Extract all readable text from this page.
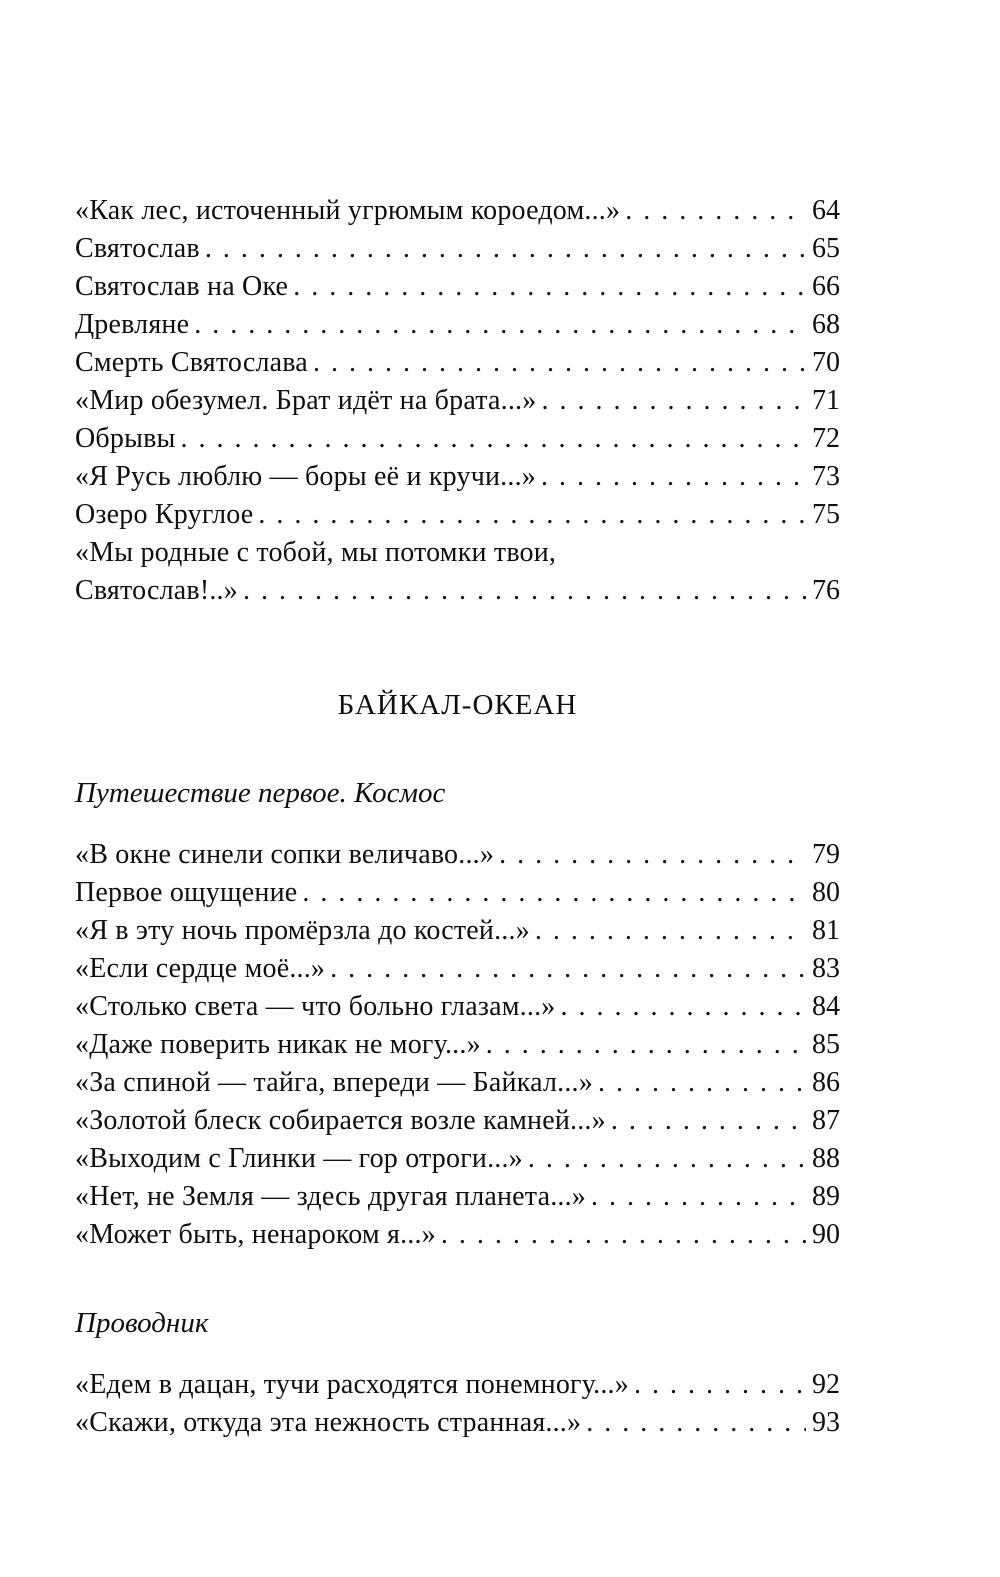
«Как лес, источенный угрюмым короедом...» . . .	64
Святослав . . .	65
Святослав на Оке . . .	66
Древляне . . .	68
Смерть Святослава . . .	70
«Мир обезумел. Брат идёт на брата...» . . .	71
Обрывы . . .	72
«Я Русь люблю — боры её и кручи...» . . .	73
Озеро Круглое . . .	75
«Мы родные с тобой, мы потомки твои,
Святослав!..» . . .	76
БАЙКАЛ-ОКЕАН
Путешествие первое. Космос
«В окне синели сопки величаво...» . . .	79
Первое ощущение . . .	80
«Я в эту ночь промёрзла до костей...» . . .	81
«Если сердце моё...» . . .	83
«Столько света — что больно глазам...» . . .	84
«Даже поверить никак не могу...» . . .	85
«За спиной — тайга, впереди — Байкал...» . . .	86
«Золотой блеск собирается возле камней...» . . .	87
«Выходим с Глинки — гор отроги...» . . .	88
«Нет, не Земля — здесь другая планета...» . . .	89
«Может быть, ненароком я...» . . .	90
Проводник
«Едем в дацан, тучи расходятся понемногу...» . . .	92
«Скажи, откуда эта нежность странная...» . . .	93
